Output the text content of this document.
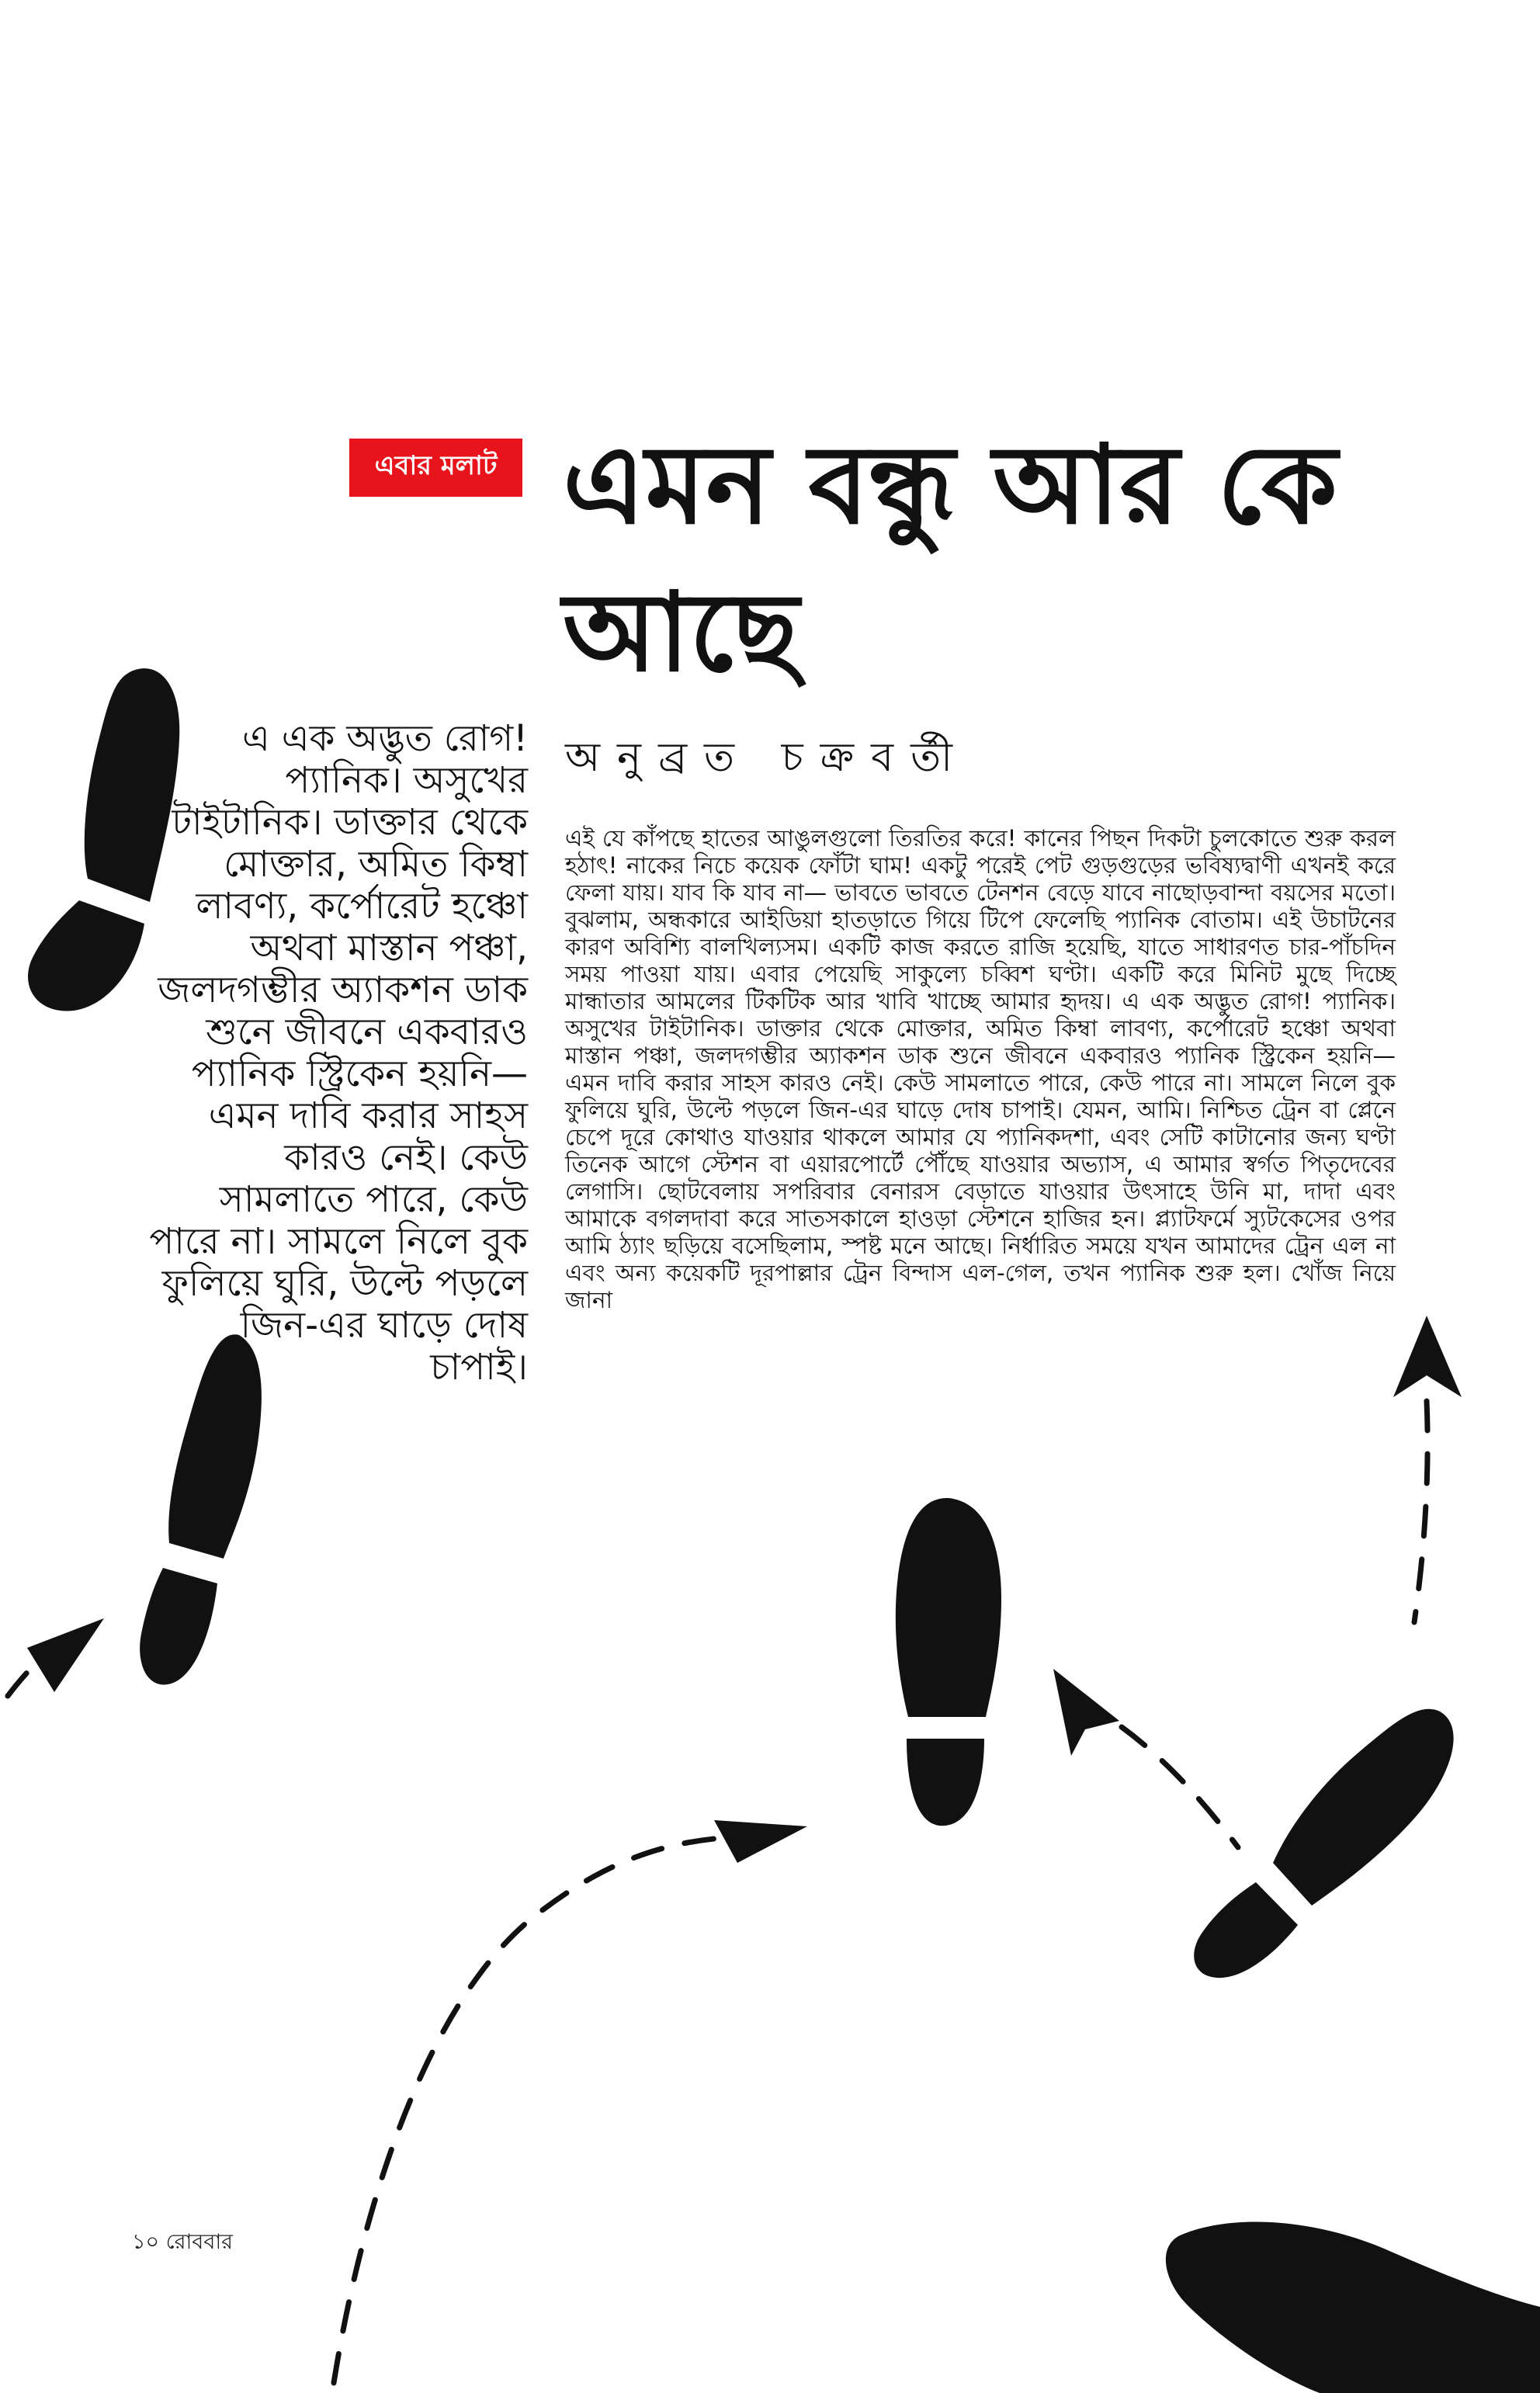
এবার মলাট এমন বন্ধু আর কে আছে
অনুব্রত চক্রবর্তী

এ এক অদ্ভুত রোগ! প্যানিক। অসুখের টাইটানিক। ডাক্তার থেকে মোক্তার, অমিত কিম্বা লাবণ্য, কর্পোরেট হঞ্চো অথবা মাস্তান পঞ্চা, জলদগম্ভীর অ্যাকশন ডাক শুনে জীবনে একবারও প্যানিক স্ট্রিকেন হয়নি— এমন দাবি করার সাহস কারও নেই। কেউ সামলাতে পারে, কেউ পারে না। সামলে নিলে বুক ফুলিয়ে ঘুরি, উল্টে পড়লে জিন-এর ঘাড়ে দোষ চাপাই।

এই যে কাঁপছে হাতের আঙুলগুলো তিরতির করে! কানের পিছন দিকটা চুলকোতে শুরু করল হঠাৎ! নাকের নিচে কয়েক ফোঁটা ঘাম! একটু পরেই পেট গুড়গুড়ের ভবিষ্যদ্বাণী এখনই করে ফেলা যায়। যাব কি যাব না— ভাবতে ভাবতে টেনশন বেড়ে যাবে নাছোড়বান্দা বয়সের মতো। বুঝলাম, অন্ধকারে আইডিয়া হাতড়াতে গিয়ে টিপে ফেলেছি প্যানিক বোতাম। এই উচাটনের কারণ অবিশ্যি বালখিল্যসম। একটি কাজ করতে রাজি হয়েছি, যাতে সাধারণত চার-পাঁচদিন সময় পাওয়া যায়। এবার পেয়েছি সাকুল্যে চব্বিশ ঘণ্টা। একটি করে মিনিট মুছে দিচ্ছে মান্ধাতার আমলের টিকটিক আর খাবি খাচ্ছে আমার হৃদয়। এ এক অদ্ভুত রোগ! প্যানিক। অসুখের টাইটানিক। ডাক্তার থেকে মোক্তার, অমিত কিম্বা লাবণ্য, কর্পোরেট হঞ্চো অথবা মাস্তান পঞ্চা, জলদগম্ভীর অ্যাকশন ডাক শুনে জীবনে একবারও প্যানিক স্ট্রিকেন হয়নি— এমন দাবি করার সাহস কারও নেই। কেউ সামলাতে পারে, কেউ পারে না। সামলে নিলে বুক ফুলিয়ে ঘুরি, উল্টে পড়লে জিন-এর ঘাড়ে দোষ চাপাই। যেমন, আমি। নিশ্চিত ট্রেন বা প্লেনে চেপে দূরে কোথাও যাওয়ার থাকলে আমার যে প্যানিকদশা, এবং সেটি কাটানোর জন্য ঘণ্টা তিনেক আগে স্টেশন বা এয়ারপোর্টে পৌঁছে যাওয়ার অভ্যাস, এ আমার স্বর্গত পিতৃদেবের লেগাসি। ছোটবেলায় সপরিবার বেনারস বেড়াতে যাওয়ার উৎসাহে উনি মা, দাদা এবং আমাকে বগলদাবা করে সাতসকালে হাওড়া স্টেশনে হাজির হন। প্ল্যাটফর্মে স্যুটকেসের ওপর আমি ঠ্যাং ছড়িয়ে বসেছিলাম, স্পষ্ট মনে আছে। নির্ধারিত সময়ে যখন আমাদের ট্রেন এল না এবং অন্য কয়েকটি দূরপাল্লার ট্রেন বিন্দাস এল-গেল, তখন প্যানিক শুরু হল। খোঁজ নিয়ে জানা

১০ রোববার
